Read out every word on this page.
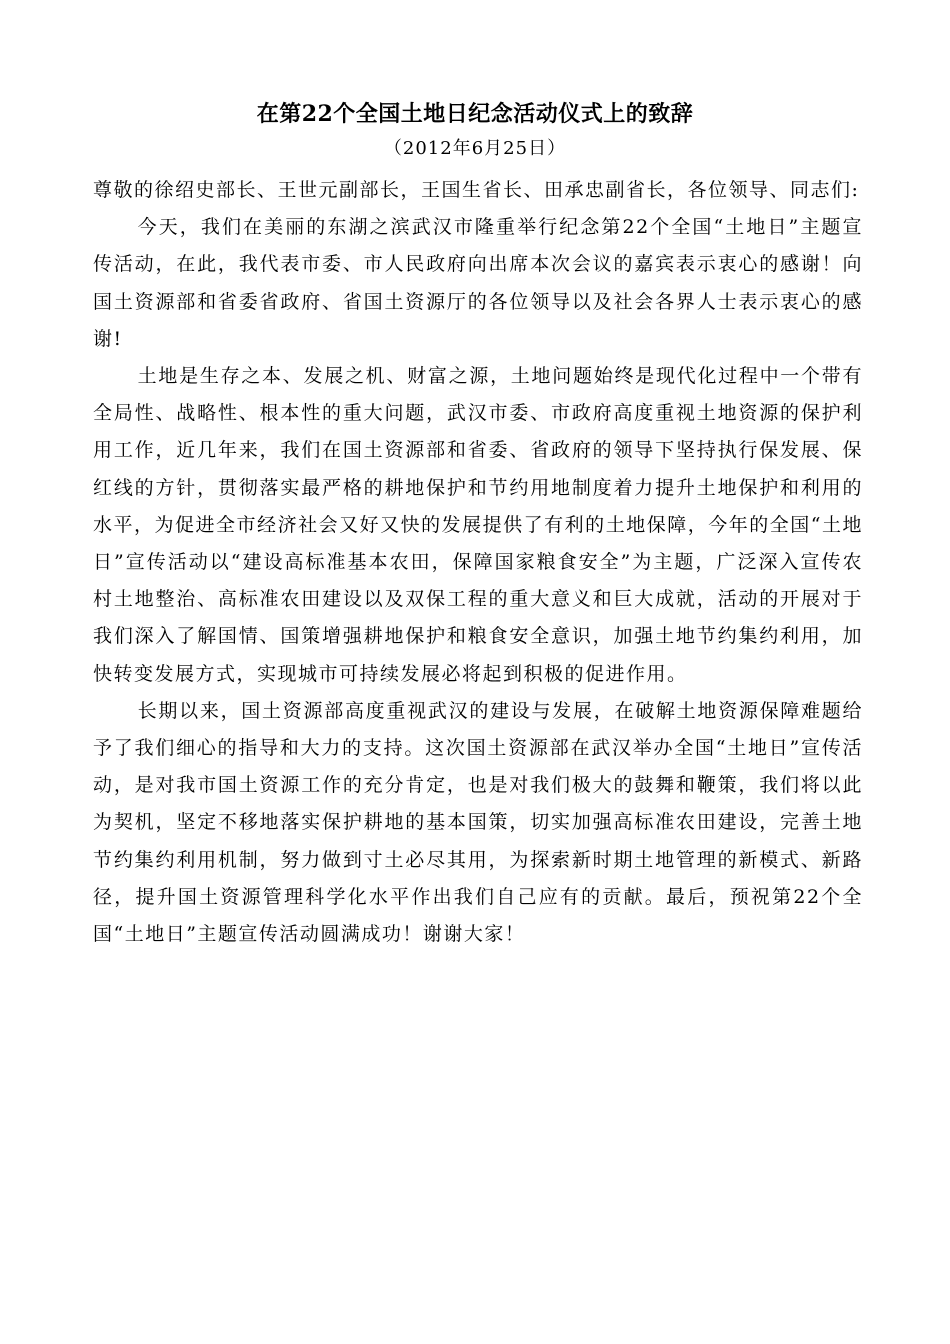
在第22个全国土地日纪念活动仪式上的致辞
（2012年6月25日）

尊敬的徐绍史部长、王世元副部长，王国生省长、田承忠副省长，各位领导、同志们:

今天，我们在美丽的东湖之滨武汉市隆重举行纪念第22个全国“土地日”主题宣传活动，在此，我代表市委、市人民政府向出席本次会议的嘉宾表示衷心的感谢！向国土资源部和省委省政府、省国土资源厅的各位领导以及社会各界人士表示衷心的感谢!

土地是生存之本、发展之机、财富之源，土地问题始终是现代化过程中一个带有全局性、战略性、根本性的重大问题，武汉市委、市政府高度重视土地资源的保护利用工作，近几年来，我们在国土资源部和省委、省政府的领导下坚持执行保发展、保红线的方针，贯彻落实最严格的耕地保护和节约用地制度着力提升土地保护和利用的水平，为促进全市经济社会又好又快的发展提供了有利的土地保障，今年的全国“土地日”宣传活动以“建设高标准基本农田，保障国家粮食安全”为主题，广泛深入宣传农村土地整治、高标准农田建设以及双保工程的重大意义和巨大成就，活动的开展对于我们深入了解国情、国策增强耕地保护和粮食安全意识，加强土地节约集约利用，加快转变发展方式，实现城市可持续发展必将起到积极的促进作用。

长期以来，国土资源部高度重视武汉的建设与发展，在破解土地资源保障难题给予了我们细心的指导和大力的支持。这次国土资源部在武汉举办全国“土地日”宣传活动，是对我市国土资源工作的充分肯定，也是对我们极大的鼓舞和鞭策，我们将以此为契机，坚定不移地落实保护耕地的基本国策，切实加强高标准农田建设，完善土地节约集约利用机制，努力做到寸土必尽其用，为探索新时期土地管理的新模式、新路径，提升国土资源管理科学化水平作出我们自己应有的贡献。最后，预祝第22个全国“土地日”主题宣传活动圆满成功！谢谢大家！
